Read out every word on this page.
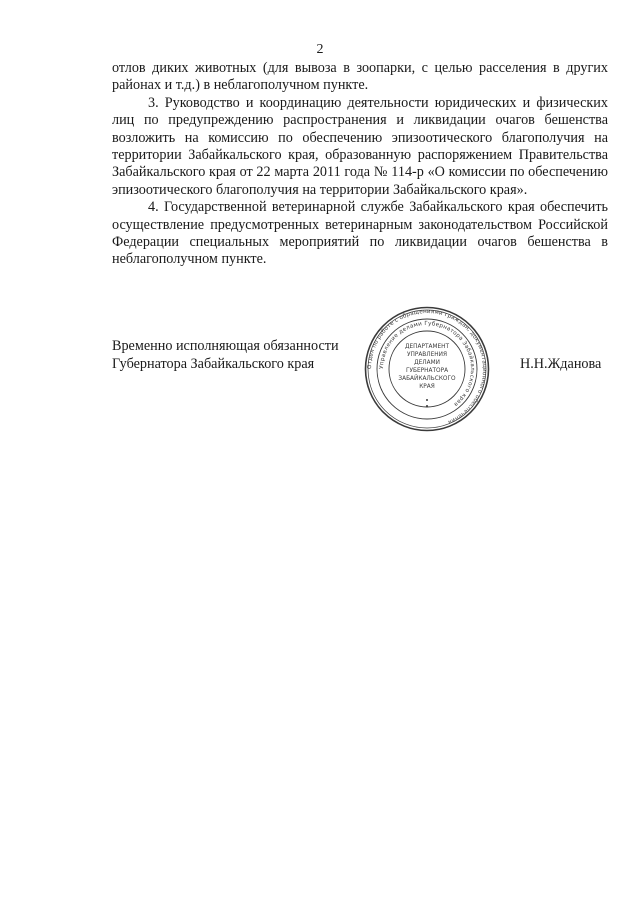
2

отлов диких животных (для вывоза в зоопарки, с целью расселения в других районах и т.д.) в неблагополучном пункте.

3. Руководство и координацию деятельности юридических и физических лиц по предупреждению распространения и ликвидации очагов бешенства возложить на комиссию по обеспечению эпизоотического благополучия на территории Забайкальского края, образованную распоряжением Правительства Забайкальского края от 22 марта 2011 года № 114-р «О комиссии по обеспечению эпизоотического благополучия на территории Забайкальского края».

4. Государственной ветеринарной службе Забайкальского края обеспечить осуществление предусмотренных ветеринарным законодательством Российской Федерации специальных мероприятий по ликвидации очагов бешенства в неблагополучном пункте.

Временно исполняющая обязанности
Губернатора Забайкальского края	Отдел по работе с обращениями граждан, документационного обеспечения
Управление делами Губернатора Забайкальского края
ДЕПАРТАМЕНТ
УПРАВЛЕНИЯ
ДЕЛАМИ
ГУБЕРНАТОРА
ЗАБАЙКАЛЬСКОГО
КРАЯ
Н.Н.Жданова
